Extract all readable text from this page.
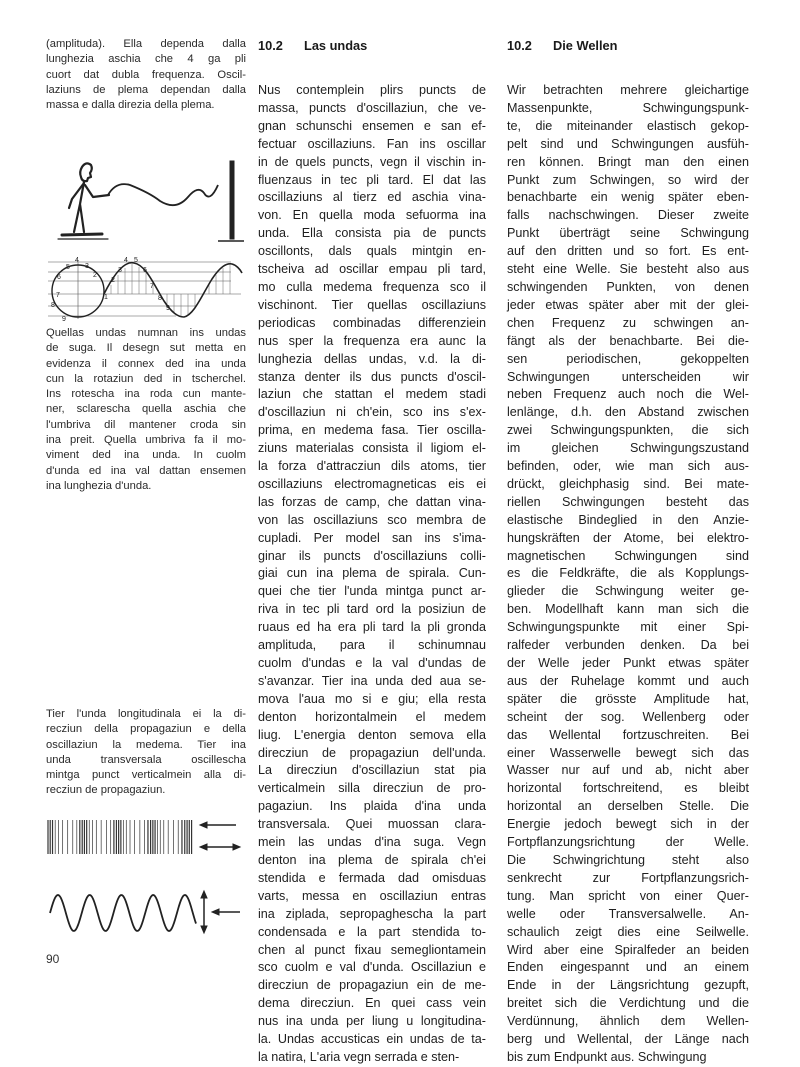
(amplituda). Ella dependa dalla
lunghezia aschia che 4 ga pli
cuort dat dubla frequenza. Oscil-
laziuns de plema dependan dalla
massa e dalla direzia della plema.
4
3
5
2
6
1
7
8
9
4
3
2
5
6
7
8
9
Quellas undas numnan ins undas
de suga. Il desegn sut metta en
evidenza il connex ded ina unda
cun la rotaziun ded in tscherchel.
Ins rotescha ina roda cun mante-
ner, sclarescha quella aschia che
l'umbriva dil mantener croda sin
ina preit. Quella umbriva fa il mo-
viment ded ina unda. In cuolm
d'unda ed ina val dattan ensemen
ina lunghezia d'unda.
Tier l'unda longitudinala ei la di-
recziun della propagaziun e della
oscillaziun la medema. Tier ina
unda transversala oscillescha
mintga punct verticalmein alla di-
recziun de propagaziun.
90
10.2 Las undas
Nus contemplein plirs puncts de
massa, puncts d'oscillaziun, che ve-
gnan schunschi ensemen e san ef-
fectuar oscillaziuns. Fan ins oscillar
in de quels puncts, vegn il vischin in-
fluenzaus in tec pli tard. El dat las
oscillaziuns al tierz ed aschia vina-
von. En quella moda sefuorma ina
unda. Ella consista pia de puncts
oscillonts, dals quals mintgin en-
tscheiva ad oscillar empau pli tard,
mo culla medema frequenza sco il
vischinont. Tier quellas oscillaziuns
periodicas combinadas differenziein
nus sper la frequenza era aunc la
lunghezia dellas undas, v.d. la di-
stanza denter ils dus puncts d'oscil-
laziun che stattan el medem stadi
d'oscillaziun ni ch'ein, sco ins s'ex-
prima, en medema fasa. Tier oscilla-
ziuns materialas consista il ligiom el-
la forza d'attracziun dils atoms, tier
oscillaziuns electromagneticas eis ei
las forzas de camp, che dattan vina-
von las oscillaziuns sco membra de
cupladi. Per model san ins s'ima-
ginar ils puncts d'oscillaziuns colli-
giai cun ina plema de spirala. Cun-
quei che tier l'unda mintga punct ar-
riva in tec pli tard ord la posiziun de
ruaus ed ha era pli tard la pli gronda
amplituda, para il schinumnau
cuolm d'undas e la val d'undas de
s'avanzar. Tier ina unda ded aua se-
mova l'aua mo si e giu; ella resta
denton horizontalmein el medem
liug. L'energia denton semova ella
direcziun de propagaziun dell'unda.
La direcziun d'oscillaziun stat pia
verticalmein silla direcziun de pro-
pagaziun. Ins plaida d'ina unda
transversala. Quei muossan clara-
mein las undas d'ina suga. Vegn
denton ina plema de spirala ch'ei
stendida e fermada dad omisduas
varts, messa en oscillaziun entras
ina ziplada, sepropaghescha la part
condensada e la part stendida to-
chen al punct fixau semegliontamein
sco cuolm e val d'unda. Oscillaziun e
direcziun de propagaziun ein de me-
dema direcziun. En quei cass vein
nus ina unda per liung u longitudina-
la. Undas accusticas ein undas de ta-
la natira, L'aria vegn serrada e sten-
10.2 Die Wellen
Wir betrachten mehrere gleichartige
Massenpunkte, Schwingungspunk-
te, die miteinander elastisch gekop-
pelt sind und Schwingungen ausfüh-
ren können. Bringt man den einen
Punkt zum Schwingen, so wird der
benachbarte ein wenig später eben-
falls nachschwingen. Dieser zweite
Punkt überträgt seine Schwingung
auf den dritten und so fort. Es ent-
steht eine Welle. Sie besteht also aus
schwingenden Punkten, von denen
jeder etwas später aber mit der glei-
chen Frequenz zu schwingen an-
fängt als der benachbarte. Bei die-
sen periodischen, gekoppelten
Schwingungen unterscheiden wir
neben Frequenz auch noch die Wel-
lenlänge, d.h. den Abstand zwischen
zwei Schwingungspunkten, die sich
im gleichen Schwingungszustand
befinden, oder, wie man sich aus-
drückt, gleichphasig sind. Bei mate-
riellen Schwingungen besteht das
elastische Bindeglied in den Anzie-
hungskräften der Atome, bei elektro-
magnetischen Schwingungen sind
es die Feldkräfte, die als Kopplungs-
glieder die Schwingung weiter ge-
ben. Modellhaft kann man sich die
Schwingungspunkte mit einer Spi-
ralfeder verbunden denken. Da bei
der Welle jeder Punkt etwas später
aus der Ruhelage kommt und auch
später die grösste Amplitude hat,
scheint der sog. Wellenberg oder
das Wellental fortzuschreiten. Bei
einer Wasserwelle bewegt sich das
Wasser nur auf und ab, nicht aber
horizontal fortschreitend, es bleibt
horizontal an derselben Stelle. Die
Energie jedoch bewegt sich in der
Fortpflanzungsrichtung der Welle.
Die Schwingrichtung steht also
senkrecht zur Fortpflanzungsrich-
tung. Man spricht von einer Quer-
welle oder Transversalwelle. An-
schaulich zeigt dies eine Seilwelle.
Wird aber eine Spiralfeder an beiden
Enden eingespannt und an einem
Ende in der Längsrichtung gezupft,
breitet sich die Verdichtung und die
Verdünnung, ähnlich dem Wellen-
berg und Wellental, der Länge nach
bis zum Endpunkt aus. Schwingung
